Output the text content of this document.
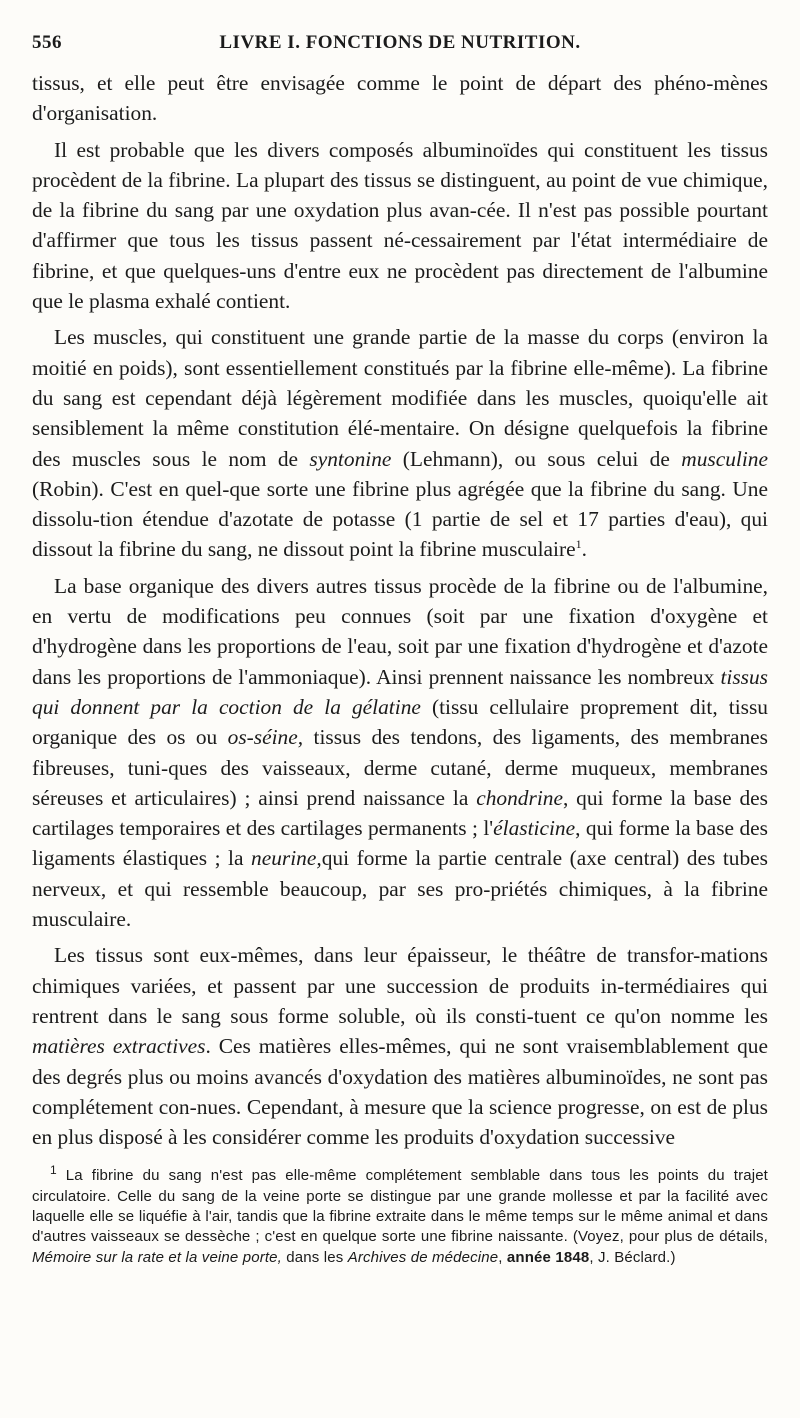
556	LIVRE I. FONCTIONS DE NUTRITION.

tissus, et elle peut être envisagée comme le point de départ des phéno-mènes d'organisation.

Il est probable que les divers composés albuminoïdes qui constituent les tissus procèdent de la fibrine. La plupart des tissus se distinguent, au point de vue chimique, de la fibrine du sang par une oxydation plus avan-cée. Il n'est pas possible pourtant d'affirmer que tous les tissus passent né-cessairement par l'état intermédiaire de fibrine, et que quelques-uns d'entre eux ne procèdent pas directement de l'albumine que le plasma exhalé contient.

Les muscles, qui constituent une grande partie de la masse du corps (environ la moitié en poids), sont essentiellement constitués par la fibrine elle-même). La fibrine du sang est cependant déjà légèrement modifiée dans les muscles, quoiqu'elle ait sensiblement la même constitution élé-mentaire. On désigne quelquefois la fibrine des muscles sous le nom de syntonine (Lehmann), ou sous celui de musculine (Robin). C'est en quel-que sorte une fibrine plus agrégée que la fibrine du sang. Une dissolu-tion étendue d'azotate de potasse (1 partie de sel et 17 parties d'eau), qui dissout la fibrine du sang, ne dissout point la fibrine musculaire$^1$.

La base organique des divers autres tissus procède de la fibrine ou de l'albumine, en vertu de modifications peu connues (soit par une fixation d'oxygène et d'hydrogène dans les proportions de l'eau, soit par une fixation d'hydrogène et d'azote dans les proportions de l'ammoniaque). Ainsi prennent naissance les nombreux tissus qui donnent par la coction de la gélatine (tissu cellulaire proprement dit, tissu organique des os ou os-séine, tissus des tendons, des ligaments, des membranes fibreuses, tuni-ques des vaisseaux, derme cutané, derme muqueux, membranes séreuses et articulaires) ; ainsi prend naissance la chondrine, qui forme la base des cartilages temporaires et des cartilages permanents ; l'élasticine, qui forme la base des ligaments élastiques ; la neurine,qui forme la partie centrale (axe central) des tubes nerveux, et qui ressemble beaucoup, par ses pro-priétés chimiques, à la fibrine musculaire.

Les tissus sont eux-mêmes, dans leur épaisseur, le théâtre de transfor-mations chimiques variées, et passent par une succession de produits in-termédiaires qui rentrent dans le sang sous forme soluble, où ils consti-tuent ce qu'on nomme les matières extractives. Ces matières elles-mêmes, qui ne sont vraisemblablement que des degrés plus ou moins avancés d'oxydation des matières albuminoïdes, ne sont pas complétement con-nues. Cependant, à mesure que la science progresse, on est de plus en plus disposé à les considérer comme les produits d'oxydation successive

$^1$ La fibrine du sang n'est pas elle-même complétement semblable dans tous les points du trajet circulatoire. Celle du sang de la veine porte se distingue par une grande mollesse et par la facilité avec laquelle elle se liquéfie à l'air, tandis que la fibrine extraite dans le même temps sur le même animal et dans d'autres vaisseaux se dessèche ; c'est en quelque sorte une fibrine naissante. (Voyez, pour plus de détails, Mémoire sur la rate et la veine porte, dans les Archives de médecine, année 1848, J. Béclard.)
